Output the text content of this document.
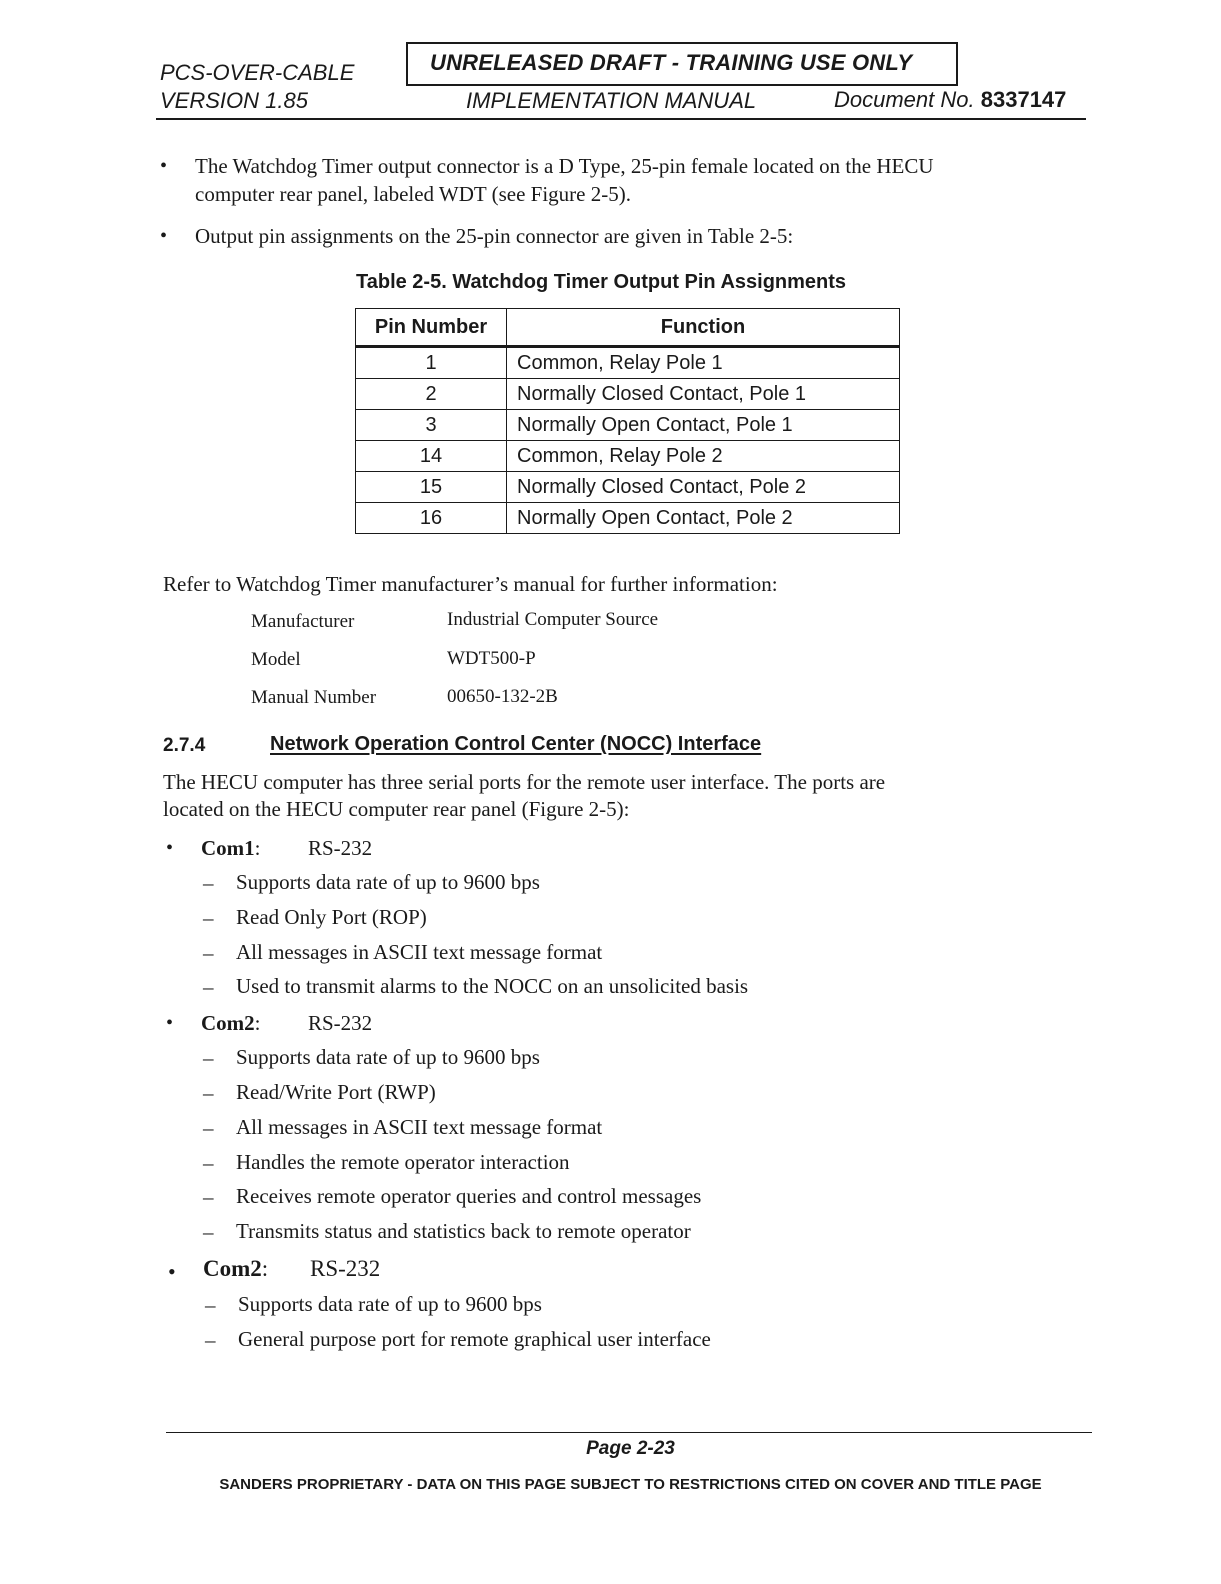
PCS-OVER-CABLE
VERSION 1.85
UNRELEASED DRAFT - TRAINING USE ONLY
IMPLEMENTATION MANUAL	Document No. 8337147
• The Watchdog Timer output connector is a D Type, 25-pin female located on the HECU
computer rear panel, labeled WDT (see Figure 2-5).
• Output pin assignments on the 25-pin connector are given in Table 2-5:
Table 2-5. Watchdog Timer Output Pin Assignments
Pin Number	Function
1	Common, Relay Pole 1
2	Normally Closed Contact, Pole 1
3	Normally Open Contact, Pole 1
14	Common, Relay Pole 2
15	Normally Closed Contact, Pole 2
16	Normally Open Contact, Pole 2
Refer to Watchdog Timer manufacturer’s manual for further information:
Manufacturer	Industrial Computer Source
Model	WDT500-P
Manual Number	00650-132-2B
2.7.4	Network Operation Control Center (NOCC) Interface
The HECU computer has three serial ports for the remote user interface. The ports are
located on the HECU computer rear panel (Figure 2-5):
• Com1: RS-232
– Supports data rate of up to 9600 bps
– Read Only Port (ROP)
– All messages in ASCII text message format
– Used to transmit alarms to the NOCC on an unsolicited basis
• Com2: RS-232
– Supports data rate of up to 9600 bps
– Read/Write Port (RWP)
– All messages in ASCII text message format
– Handles the remote operator interaction
– Receives remote operator queries and control messages
– Transmits status and statistics back to remote operator
• Com2: RS-232
– Supports data rate of up to 9600 bps
– General purpose port for remote graphical user interface
Page 2-23
SANDERS PROPRIETARY - DATA ON THIS PAGE SUBJECT TO RESTRICTIONS CITED ON COVER AND TITLE PAGE
